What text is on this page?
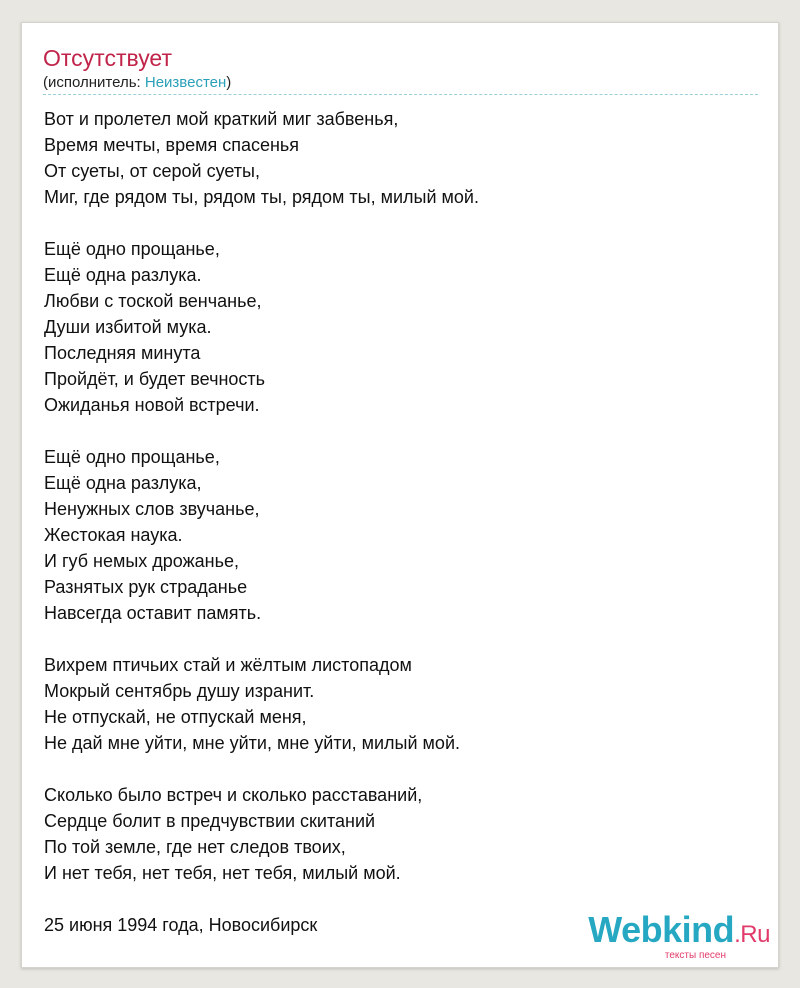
Отсутствует
(исполнитель: Неизвестен)
Вот и пролетел мой краткий миг забвенья,
Время мечты, время спасенья
От суеты, от серой суеты,
Миг, где рядом ты, рядом ты, рядом ты, милый мой.
Ещё одно прощанье,
Ещё одна разлука.
Любви с тоской венчанье,
Души избитой мука.
Последняя минута
Пройдёт, и будет вечность
Ожиданья новой встречи.
Ещё одно прощанье,
Ещё одна разлука,
Ненужных слов звучанье,
Жестокая наука.
И губ немых дрожанье,
Разнятых рук страданье
Навсегда оставит память.
Вихрем птичьих стай и жёлтым листопадом
Мокрый сентябрь душу изранит.
Не отпускай, не отпускай меня,
Не дай мне уйти, мне уйти, мне уйти, милый мой.
Сколько было встреч и сколько расставаний,
Сердце болит в предчувствии скитаний
По той земле, где нет следов твоих,
И нет тебя, нет тебя, нет тебя, милый мой.
25 июня 1994 года, Новосибирск	Webkind.Ru
тексты песен
